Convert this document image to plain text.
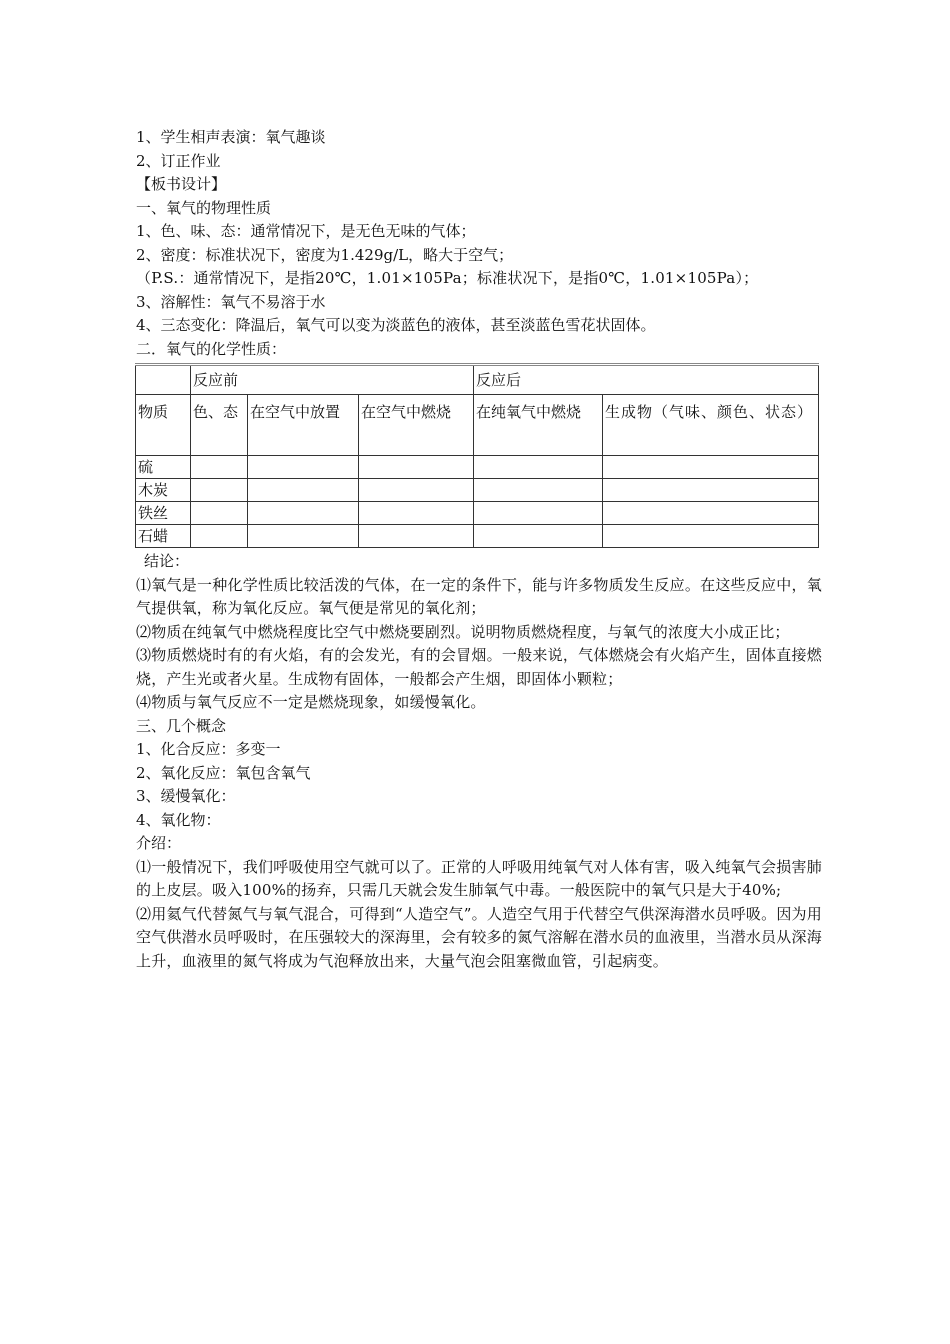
1、学生相声表演：氧气趣谈
2、订正作业
【板书设计】
一、氧气的物理性质
1、色、味、态：通常情况下，是无色无味的气体；
2、密度：标准状况下，密度为1.429g/L，略大于空气；
（P.S.：通常情况下，是指20℃，1.01×105Pa；标准状况下，是指0℃，1.01×105Pa）；
3、溶解性：氧气不易溶于水
4、三态变化：降温后，氧气可以变为淡蓝色的液体，甚至淡蓝色雪花状固体。
二．氧气的化学性质：
	反应前			反应后	
物质	色、态	在空气中放置	在空气中燃烧	在纯氧气中燃烧	生成物（气味、颜色、状态）
硫					
木炭					
铁丝					
石蜡					
结论：
⑴氧气是一种化学性质比较活泼的气体，在一定的条件下，能与许多物质发生反应。在这些反应中，氧气提供氧，称为氧化反应。氧气便是常见的氧化剂；
⑵物质在纯氧气中燃烧程度比空气中燃烧要剧烈。说明物质燃烧程度，与氧气的浓度大小成正比；
⑶物质燃烧时有的有火焰，有的会发光，有的会冒烟。一般来说，气体燃烧会有火焰产生，固体直接燃烧，产生光或者火星。生成物有固体，一般都会产生烟，即固体小颗粒；
⑷物质与氧气反应不一定是燃烧现象，如缓慢氧化。
三、几个概念
1、化合反应：多变一
2、氧化反应：氧包含氧气
3、缓慢氧化：
4、氧化物：
介绍：
⑴一般情况下，我们呼吸使用空气就可以了。正常的人呼吸用纯氧气对人体有害，吸入纯氧气会损害肺的上皮层。吸入100%的扬弃，只需几天就会发生肺氧气中毒。一般医院中的氧气只是大于40%;
⑵用氦气代替氮气与氧气混合，可得到“人造空气”。人造空气用于代替空气供深海潜水员呼吸。因为用空气供潜水员呼吸时，在压强较大的深海里，会有较多的氮气溶解在潜水员的血液里，当潜水员从深海上升，血液里的氮气将成为气泡释放出来，大量气泡会阻塞微血管，引起病变。
